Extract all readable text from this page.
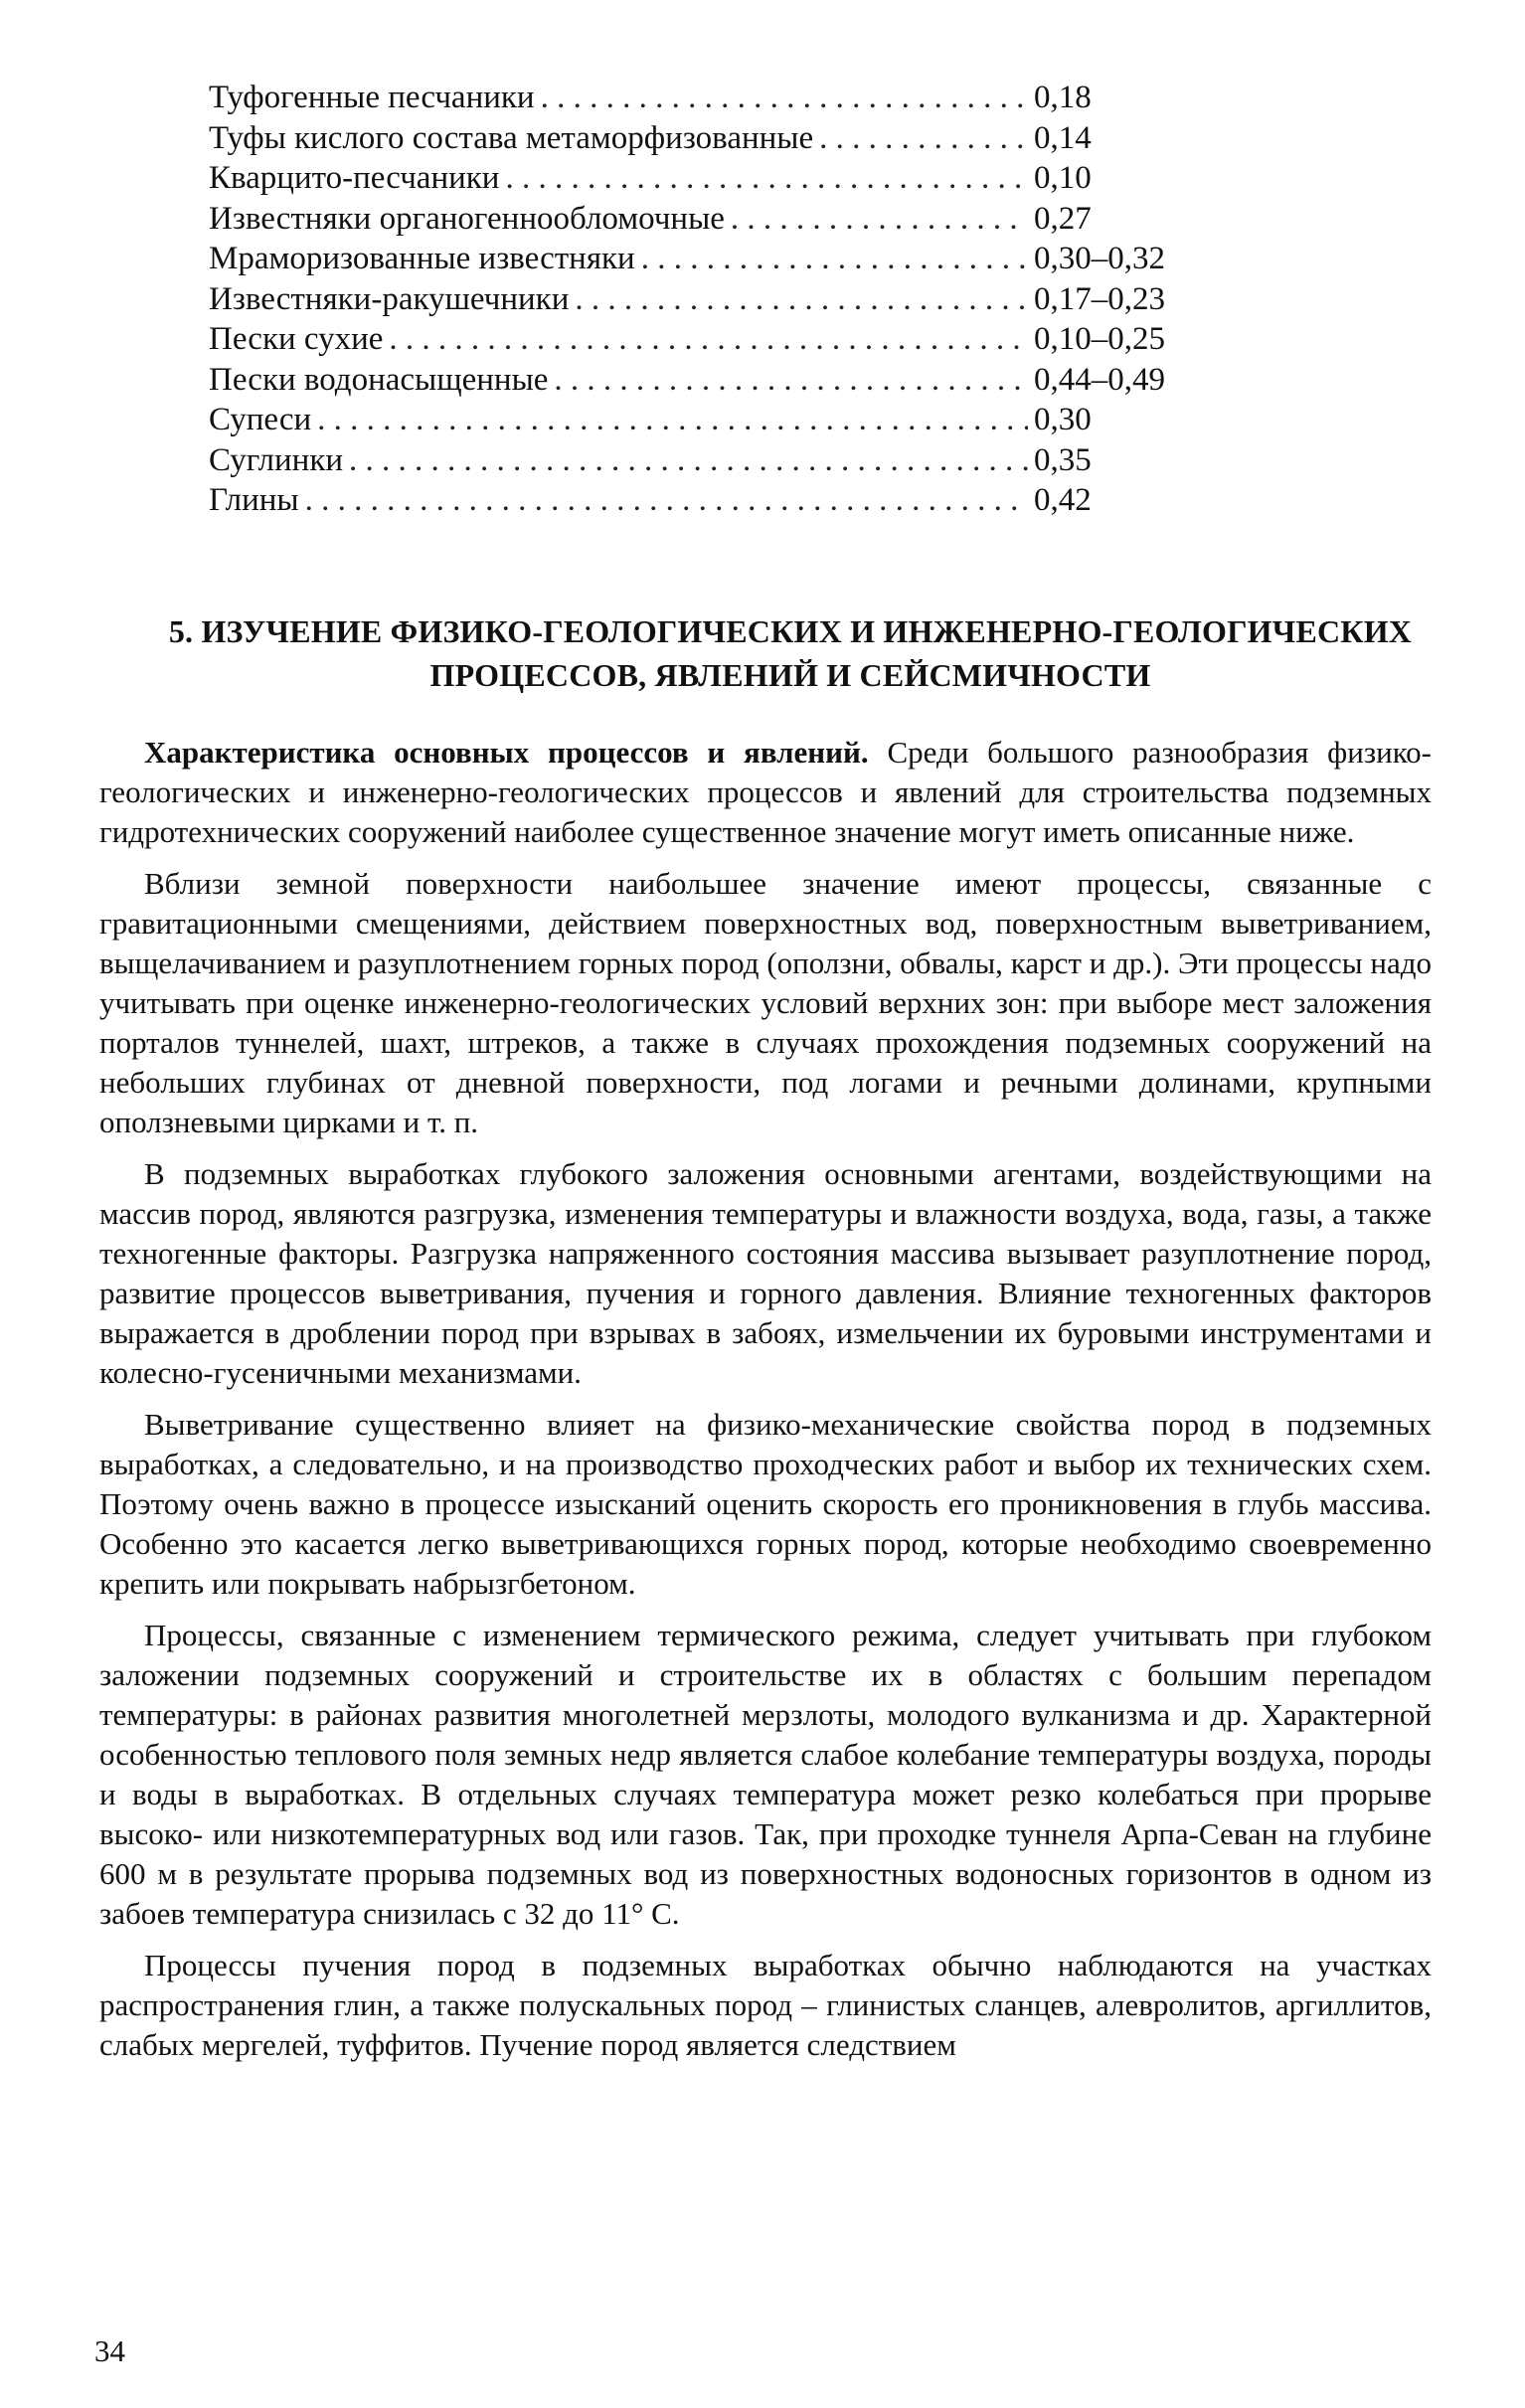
Туфогенные песчаники . . .	0,18
Туфы кислого состава метаморфизованные . . .	0,14
Кварцито-песчаники . . .	0,10
Известняки органогеннообломочные . . .	0,27
Мраморизованные известняки . . .	0,30–0,32
Известняки-ракушечники . . .	0,17–0,23
Пески сухие . . .	0,10–0,25
Пески водонасыщенные . . .	0,44–0,49
Супеси . . .	0,30
Суглинки . . .	0,35
Глины . . .	0,42
5. ИЗУЧЕНИЕ ФИЗИКО-ГЕОЛОГИЧЕСКИХ И ИНЖЕНЕРНО-ГЕОЛОГИЧЕСКИХ
ПРОЦЕССОВ, ЯВЛЕНИЙ И СЕЙСМИЧНОСТИ

Характеристика основных процессов и явлений. Среди большого разнообразия физико-геологических и инженерно-геологических процессов и явлений для строительства подземных гидротехнических сооружений наиболее существенное значение могут иметь описанные ниже.

Вблизи земной поверхности наибольшее значение имеют процессы, связанные с гравитационными смещениями, действием поверхностных вод, поверхностным выветриванием, выщелачиванием и разуплотнением горных пород (оползни, обвалы, карст и др.). Эти процессы надо учитывать при оценке инженерно-геологических условий верхних зон: при выборе мест заложения порталов туннелей, шахт, штреков, а также в случаях прохождения подземных сооружений на небольших глубинах от дневной поверхности, под логами и речными долинами, крупными оползневыми цирками и т. п.

В подземных выработках глубокого заложения основными агентами, воздействующими на массив пород, являются разгрузка, изменения температуры и влажности воздуха, вода, газы, а также техногенные факторы. Разгрузка напряженного состояния массива вызывает разуплотнение пород, развитие процессов выветривания, пучения и горного давления. Влияние техногенных факторов выражается в дроблении пород при взрывах в забоях, измельчении их буровыми инструментами и колесно-гусеничными механизмами.

Выветривание существенно влияет на физико-механические свойства пород в подземных выработках, а следовательно, и на производство проходческих работ и выбор их технических схем. Поэтому очень важно в процессе изысканий оценить скорость его проникновения в глубь массива. Особенно это касается легко выветривающихся горных пород, которые необходимо своевременно крепить или покрывать набрызгбетоном.

Процессы, связанные с изменением термического режима, следует учитывать при глубоком заложении подземных сооружений и строительстве их в областях с большим перепадом температуры: в районах развития многолетней мерзлоты, молодого вулканизма и др. Характерной особенностью теплового поля земных недр является слабое колебание температуры воздуха, породы и воды в выработках. В отдельных случаях температура может резко колебаться при прорыве высоко- или низкотемпературных вод или газов. Так, при проходке туннеля Арпа-Севан на глубине 600 м в результате прорыва подземных вод из поверхностных водоносных горизонтов в одном из забоев температура снизилась с 32 до 11° С.

Процессы пучения пород в подземных выработках обычно наблюдаются на участках распространения глин, а также полускальных пород – глинистых сланцев, алевролитов, аргиллитов, слабых мергелей, туффитов. Пучение пород является следствием

34
